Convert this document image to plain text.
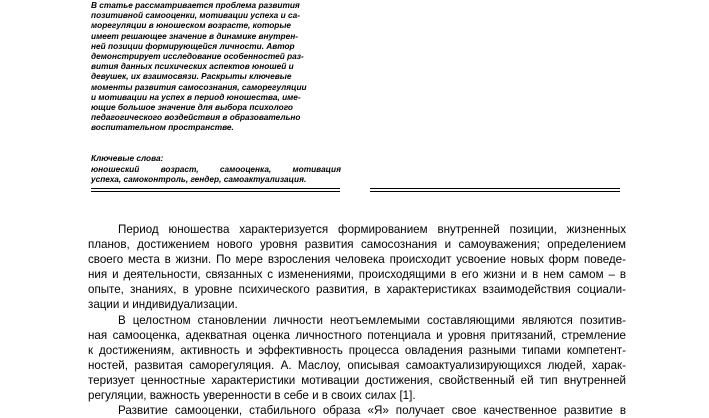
В статье рассматривается проблема развития

позитивной самооценки, мотивации успеха и са-

морегуляции в юношеском возрасте, которые

имеет решающее значение в динамике внутрен-

ней позиции формирующейся личности. Автор

демонстрирует исследование особенностей раз-

вития данных психических аспектов юношей и

девушек, их взаимосвязи. Раскрыты ключевые

моменты развития самосознания, саморегуляции

и мотивации на успех в период юношества, име-

ющие большое значение для выбора психолого

педагогического воздействия в образовательно

воспитательном пространстве.

Ключевые слова:
юношеский возраст, самооценка, мотивация
успеха, самоконтроль, гендер, самоактуализация.
Период юношества характеризуется формированием внутренней позиции, жизненных
планов, достижением нового уровня развития самосознания и самоуважения; определением
своего места в жизни. По мере взросления человека происходит усвоение новых форм поведе-
ния и деятельности, связанных с изменениями, происходящими в его жизни и в нем самом – в
опыте, знаниях, в уровне психического развития, в характеристиках взаимодействия социали-
зации и индивидуализации.
В целостном становлении личности неотъемлемыми составляющими являются позитив-
ная самооценка, адекватная оценка личностного потенциала и уровня притязаний, стремление
к достижениям, активность и эффективность процесса овладения разными типами компетент-
ностей, развитая саморегуляция. А. Маслоу, описывая самоактуализирующихся людей, харак-
теризует ценностные характеристики мотивации достижения, свойственный ей тип внутренней
регуляции, важность уверенности в себе и в своих силах [1].
Развитие самооценки, стабильного образа «Я» получает свое качественное развитие в
